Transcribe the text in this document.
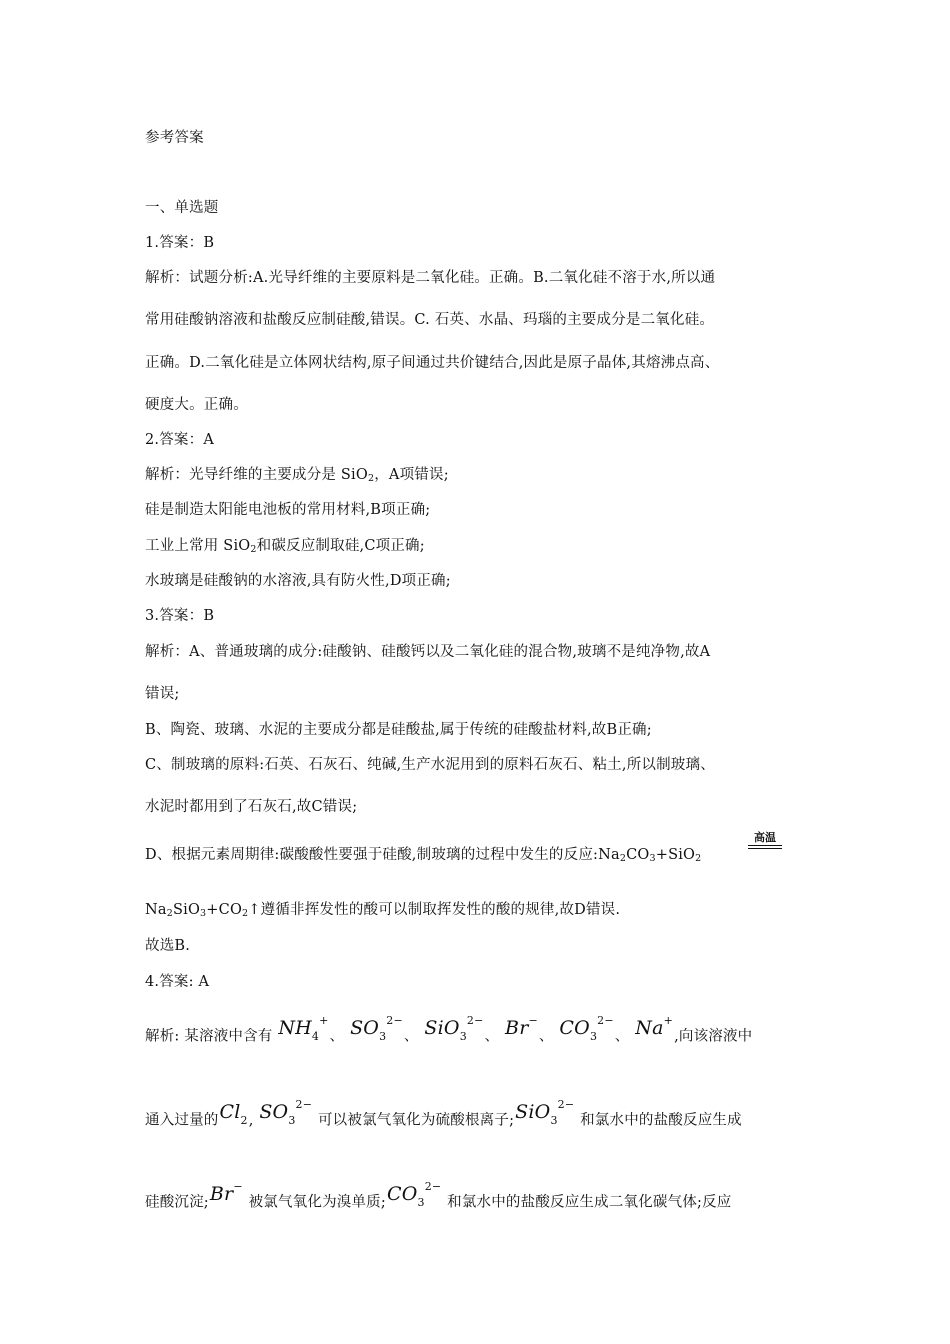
参考答案
一、单选题
1.答案：B
解析：试题分析:A.光导纤维的主要原料是二氧化硅。正确。B.二氧化硅不溶于水,所以通
常用硅酸钠溶液和盐酸反应制硅酸,错误。C. 石英、水晶、玛瑙的主要成分是二氧化硅。
正确。D.二氧化硅是立体网状结构,原子间通过共价键结合,因此是原子晶体,其熔沸点高、
硬度大。正确。
2.答案：A
解析：光导纤维的主要成分是 SiO$_2$，A项错误;
硅是制造太阳能电池板的常用材料,B项正确;
工业上常用 SiO$_2$和碳反应制取硅,C项正确;
水玻璃是硅酸钠的水溶液,具有防火性,D项正确;
3.答案：B
解析：A、普通玻璃的成分:硅酸钠、硅酸钙以及二氧化硅的混合物,玻璃不是纯净物,故A
错误;
B、陶瓷、玻璃、水泥的主要成分都是硅酸盐,属于传统的硅酸盐材料,故B正确;
C、制玻璃的原料:石英、石灰石、纯碱,生产水泥用到的原料石灰石、粘土,所以制玻璃、
水泥时都用到了石灰石,故C错误;
D、根据元素周期律:碳酸酸性要强于硅酸,制玻璃的过程中发生的反应$:Na_2CO_3+SiO_2$
高温
$Na_2SiO_3+CO_2↑$遵循非挥发性的酸可以制取挥发性的酸的规律,故D错误.
故选B.
4.答案: A
解析: 某溶液中含有 $NH_4^+$、 $SO_3^{2-}$、 SiO$_3^{2-}$、 Br−、 $CO_3^{2-}$、 Na+,向该溶液中
通入过量的$Cl_2$, $SO_3^{2-}$ 可以被氯气氧化为硫酸根离子;SiO$_3^{2-}$ 和氯水中的盐酸反应生成
硅酸沉淀;Br− 被氯气氧化为溴单质$;CO_3^{2-}$ 和氯水中的盐酸反应生成二氧化碳气体;反应
